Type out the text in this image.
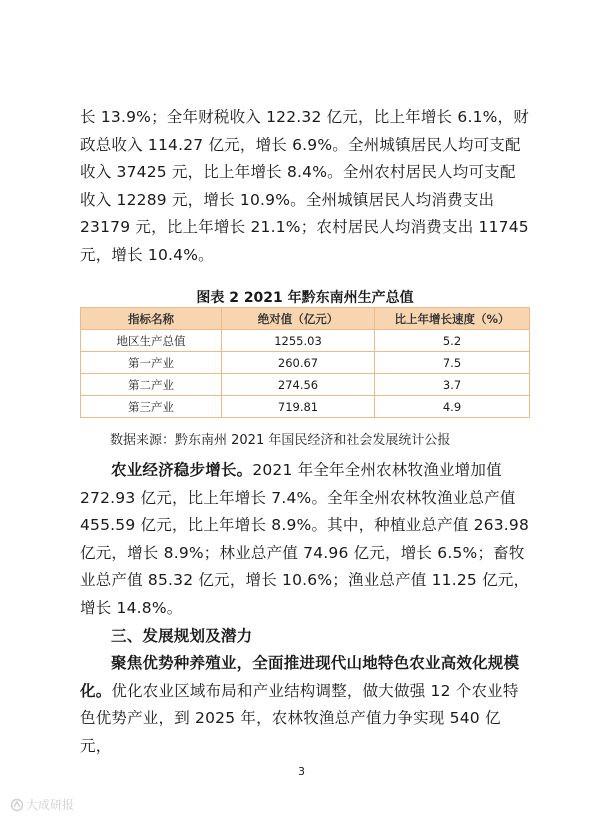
长 13.9%；全年财税收入 122.32 亿元，比上年增长 6.1%，财政总收入 114.27 亿元，增长 6.9%。全州城镇居民人均可支配收入 37425 元，比上年增长 8.4%。全州农村居民人均可支配收入 12289 元，增长 10.9%。全州城镇居民人均消费支出 23179 元，比上年增长 21.1%；农村居民人均消费支出 11745 元，增长 10.4%。

图表 2 2021 年黔东南州生产总值
指标名称	绝对值（亿元）	比上年增长速度（%）
地区生产总值	1255.03	5.2
第一产业	260.67	7.5
第二产业	274.56	3.7
第三产业	719.81	4.9
数据来源：黔东南州 2021 年国民经济和社会发展统计公报

农业经济稳步增长。2021 年全年全州农林牧渔业增加值 272.93 亿元，比上年增长 7.4%。全年全州农林牧渔业总产值 455.59 亿元，比上年增长 8.9%。其中，种植业总产值 263.98 亿元，增长 8.9%；林业总产值 74.96 亿元，增长 6.5%；畜牧业总产值 85.32 亿元，增长 10.6%；渔业总产值 11.25 亿元，增长 14.8%。

三、发展规划及潜力

聚焦优势种养殖业，全面推进现代山地特色农业高效化规模化。优化农业区域布局和产业结构调整，做大做强 12 个农业特色优势产业，到 2025 年，农林牧渔总产值力争实现 540 亿元，

3
大成研报
